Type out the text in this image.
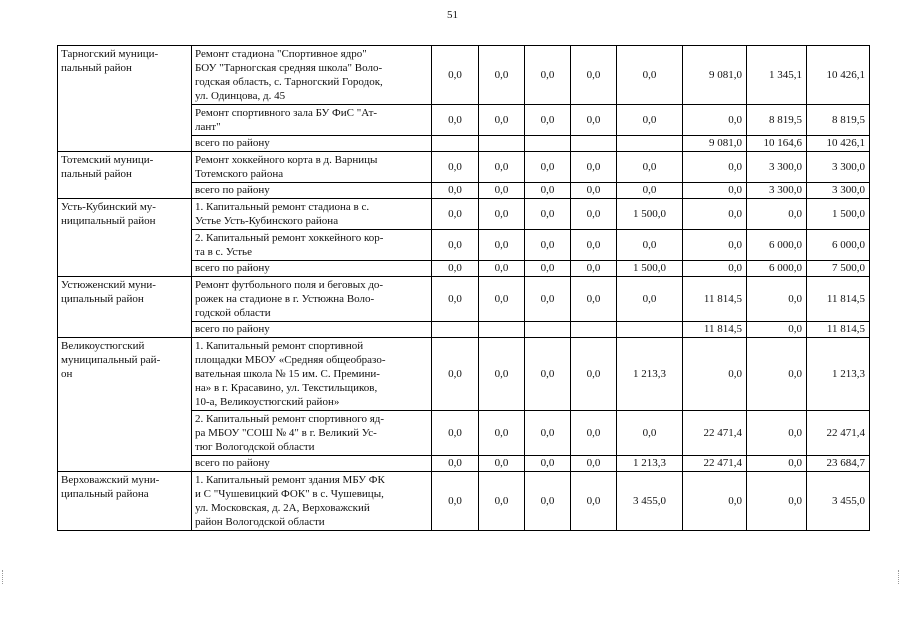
51
Тарногский муници-
пальный район	Ремонт стадиона "Спортивное ядро"
БОУ "Тарногская средняя школа" Воло-
годская область, с. Тарногский Городок,
ул. Одинцова, д. 45	0,0	0,0	0,0	0,0	0,0	9 081,0	1 345,1	10 426,1
	Ремонт спортивного зала БУ ФиС "Ат-
лант"	0,0	0,0	0,0	0,0	0,0	0,0	8 819,5	8 819,5
	всего по району						9 081,0	10 164,6	10 426,1
Тотемский муници-
пальный район	Ремонт хоккейного корта в д. Варницы
Тотемского района	0,0	0,0	0,0	0,0	0,0	0,0	3 300,0	3 300,0
	всего по району	0,0	0,0	0,0	0,0	0,0	0,0	3 300,0	3 300,0
Усть-Кубинский му-
ниципальный район	1. Капитальный ремонт стадиона в с.
Устье Усть-Кубинского района	0,0	0,0	0,0	0,0	1 500,0	0,0	0,0	1 500,0
	2. Капитальный ремонт хоккейного кор-
та в с. Устье	0,0	0,0	0,0	0,0	0,0	0,0	6 000,0	6 000,0
	всего по району	0,0	0,0	0,0	0,0	1 500,0	0,0	6 000,0	7 500,0
Устюженский муни-
ципальный район	Ремонт футбольного поля и беговых до-
рожек на стадионе в г. Устюжна Воло-
годской области	0,0	0,0	0,0	0,0	0,0	11 814,5	0,0	11 814,5
	всего по району						11 814,5	0,0	11 814,5
Великоустюгский
муниципальный рай-
он	1. Капитальный ремонт спортивной
площадки МБОУ «Средняя общеобразо-
вательная школа № 15 им. С. Премини-
на» в г. Красавино, ул. Текстильщиков,
10-а, Великоустюгский район»	0,0	0,0	0,0	0,0	1 213,3	0,0	0,0	1 213,3
	2. Капитальный ремонт спортивного яд-
ра МБОУ "СОШ № 4" в г. Великий Ус-
тюг Вологодской области	0,0	0,0	0,0	0,0	0,0	22 471,4	0,0	22 471,4
	всего по району	0,0	0,0	0,0	0,0	1 213,3	22 471,4	0,0	23 684,7
Верховажский муни-
ципальный района	1. Капитальный ремонт здания МБУ ФК
и С "Чушевицкий ФОК" в с. Чушевицы,
ул. Московская, д. 2А, Верховажский
район Вологодской области	0,0	0,0	0,0	0,0	3 455,0	0,0	0,0	3 455,0
